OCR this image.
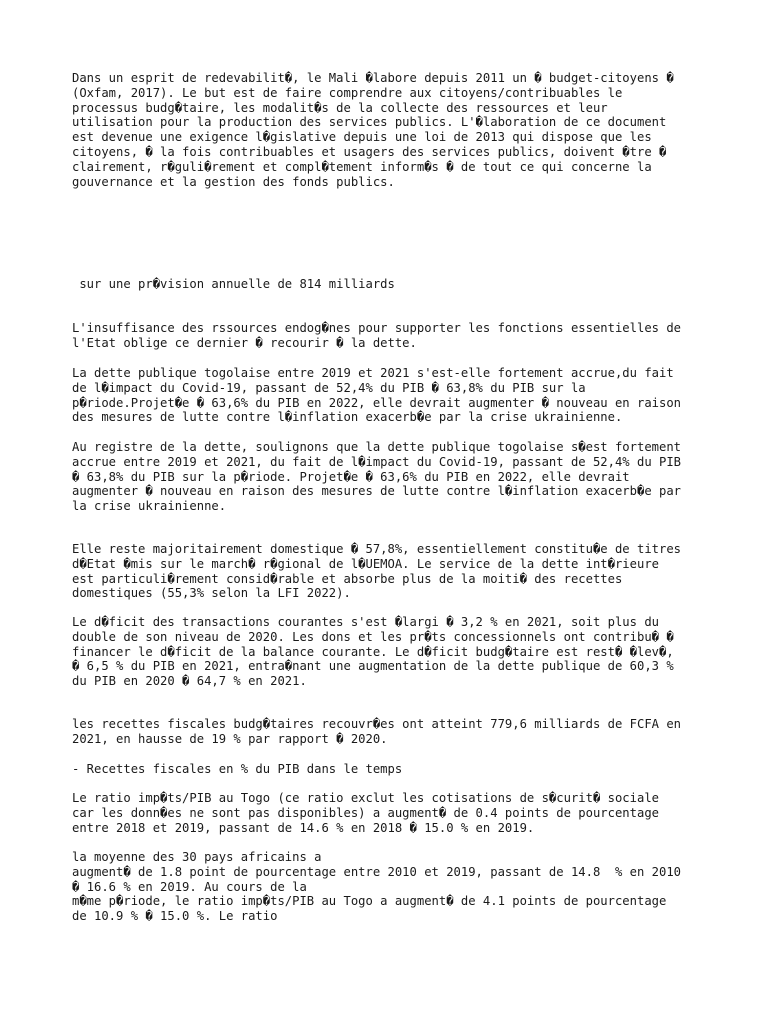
Dans un esprit de redevabilit�, le Mali �labore depuis 2011 un � budget-citoyens �
(Oxfam, 2017). Le but est de faire comprendre aux citoyens/contribuables le
processus budg�taire, les modalit�s de la collecte des ressources et leur
utilisation pour la production des services publics. L'�laboration de ce document
est devenue une exigence l�gislative depuis une loi de 2013 qui dispose que les
citoyens, � la fois contribuables et usagers des services publics, doivent �tre �
clairement, r�guli�rement et compl�tement inform�s � de tout ce qui concerne la
gouvernance et la gestion des fonds publics.
sur une pr�vision annuelle de 814 milliards
L'insuffisance des rssources endog�nes pour supporter les fonctions essentielles de
l'Etat oblige ce dernier � recourir � la dette.
La dette publique togolaise entre 2019 et 2021 s'est-elle fortement accrue,du fait
de l�impact du Covid-19, passant de 52,4% du PIB � 63,8% du PIB sur la
p�riode.Projet�e � 63,6% du PIB en 2022, elle devrait augmenter � nouveau en raison
des mesures de lutte contre l�inflation exacerb�e par la crise ukrainienne.
Au registre de la dette, soulignons que la dette publique togolaise s�est fortement
accrue entre 2019 et 2021, du fait de l�impact du Covid-19, passant de 52,4% du PIB
� 63,8% du PIB sur la p�riode. Projet�e � 63,6% du PIB en 2022, elle devrait
augmenter � nouveau en raison des mesures de lutte contre l�inflation exacerb�e par
la crise ukrainienne.
Elle reste majoritairement domestique � 57,8%, essentiellement constitu�e de titres
d�Etat �mis sur le march� r�gional de l�UEMOA. Le service de la dette int�rieure
est particuli�rement consid�rable et absorbe plus de la moiti� des recettes
domestiques (55,3% selon la LFI 2022).
Le d�ficit des transactions courantes s'est �largi � 3,2 % en 2021, soit plus du
double de son niveau de 2020. Les dons et les pr�ts concessionnels ont contribu� �
financer le d�ficit de la balance courante. Le d�ficit budg�taire est rest� �lev�,
� 6,5 % du PIB en 2021, entra�nant une augmentation de la dette publique de 60,3 %
du PIB en 2020 � 64,7 % en 2021.
les recettes fiscales budg�taires recouvr�es ont atteint 779,6 milliards de FCFA en
2021, en hausse de 19 % par rapport � 2020.
- Recettes fiscales en % du PIB dans le temps
Le ratio imp�ts/PIB au Togo (ce ratio exclut les cotisations de s�curit� sociale
car les donn�es ne sont pas disponibles) a augment� de 0.4 points de pourcentage
entre 2018 et 2019, passant de 14.6 % en 2018 � 15.0 % en 2019.
la moyenne des 30 pays africains a
augment� de 1.8 point de pourcentage entre 2010 et 2019, passant de 14.8  % en 2010
� 16.6 % en 2019. Au cours de la
m�me p�riode, le ratio imp�ts/PIB au Togo a augment� de 4.1 points de pourcentage
de 10.9 % � 15.0 %. Le ratio
